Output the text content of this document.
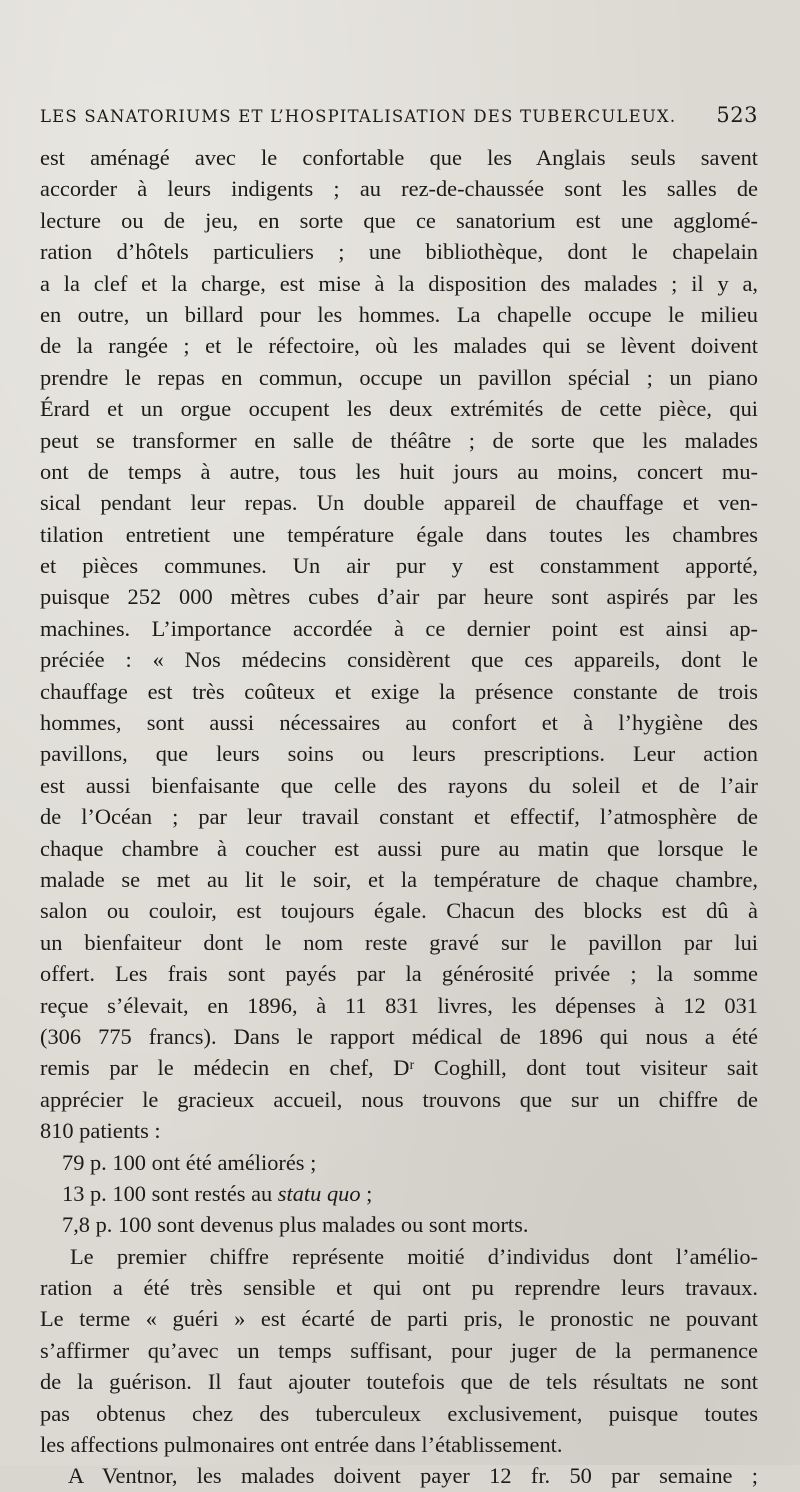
LES SANATORIUMS ET L’HOSPITALISATION DES TUBERCULEUX. 523
est aménagé avec le confortable que les Anglais seuls savent
accorder à leurs indigents ; au rez-de-chaussée sont les salles de
lecture ou de jeu, en sorte que ce sanatorium est une agglomé-
ration d’hôtels particuliers ; une bibliothèque, dont le chapelain
a la clef et la charge, est mise à la disposition des malades ; il y a,
en outre, un billard pour les hommes. La chapelle occupe le milieu
de la rangée ; et le réfectoire, où les malades qui se lèvent doivent
prendre le repas en commun, occupe un pavillon spécial ; un piano
Érard et un orgue occupent les deux extrémités de cette pièce, qui
peut se transformer en salle de théâtre ; de sorte que les malades
ont de temps à autre, tous les huit jours au moins, concert mu-
sical pendant leur repas. Un double appareil de chauffage et ven-
tilation entretient une température égale dans toutes les chambres
et pièces communes. Un air pur y est constamment apporté,
puisque 252 000 mètres cubes d’air par heure sont aspirés par les
machines. L’importance accordée à ce dernier point est ainsi ap-
préciée : « Nos médecins considèrent que ces appareils, dont le
chauffage est très coûteux et exige la présence constante de trois
hommes, sont aussi nécessaires au confort et à l’hygiène des
pavillons, que leurs soins ou leurs prescriptions. Leur action
est aussi bienfaisante que celle des rayons du soleil et de l’air
de l’Océan ; par leur travail constant et effectif, l’atmosphère de
chaque chambre à coucher est aussi pure au matin que lorsque le
malade se met au lit le soir, et la température de chaque chambre,
salon ou couloir, est toujours égale. Chacun des blocks est dû à
un bienfaiteur dont le nom reste gravé sur le pavillon par lui
offert. Les frais sont payés par la générosité privée ; la somme
reçue s’élevait, en 1896, à 11 831 livres, les dépenses à 12 031
(306 775 francs). Dans le rapport médical de 1896 qui nous a été
remis par le médecin en chef, Dʳ Coghill, dont tout visiteur sait
apprécier le gracieux accueil, nous trouvons que sur un chiffre de
810 patients :
79 p. 100 ont été améliorés ;
13 p. 100 sont restés au statu quo ;
7,8 p. 100 sont devenus plus malades ou sont morts.
Le premier chiffre représente moitié d’individus dont l’amélio-
ration a été très sensible et qui ont pu reprendre leurs travaux.
Le terme « guéri » est écarté de parti pris, le pronostic ne pouvant
s’affirmer qu’avec un temps suffisant, pour juger de la permanence
de la guérison. Il faut ajouter toutefois que de tels résultats ne sont
pas obtenus chez des tuberculeux exclusivement, puisque toutes
les affections pulmonaires ont entrée dans l’établissement.
A Ventnor, les malades doivent payer 12 fr. 50 par semaine ;
